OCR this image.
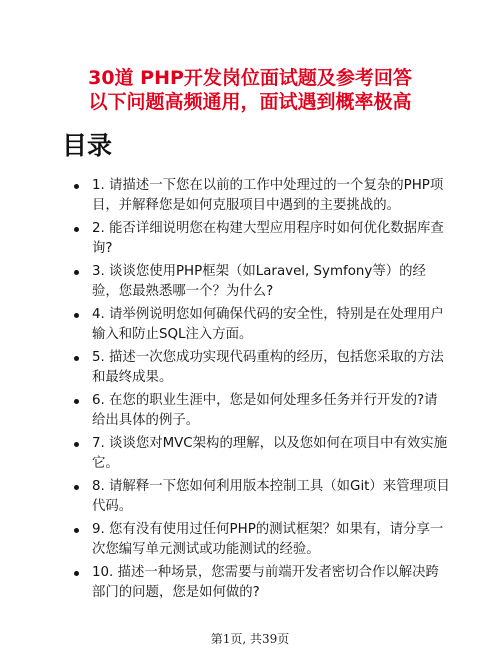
30道 PHP开发岗位面试题及参考回答
以下问题高频通用，面试遇到概率极高
目录
1. 请描述一下您在以前的工作中处理过的一个复杂的PHP项目，并解释您是如何克服项目中遇到的主要挑战的。
2. 能否详细说明您在构建大型应用程序时如何优化数据库查询?
3. 谈谈您使用PHP框架（如Laravel, Symfony等）的经验，您最熟悉哪一个？为什么?
4. 请举例说明您如何确保代码的安全性，特别是在处理用户输入和防止SQL注入方面。
5. 描述一次您成功实现代码重构的经历，包括您采取的方法和最终成果。
6. 在您的职业生涯中，您是如何处理多任务并行开发的?请给出具体的例子。
7. 谈谈您对MVC架构的理解，以及您如何在项目中有效实施它。
8. 请解释一下您如何利用版本控制工具（如Git）来管理项目代码。
9. 您有没有使用过任何PHP的测试框架？如果有，请分享一次您编写单元测试或功能测试的经验。
10. 描述一种场景，您需要与前端开发者密切合作以解决跨部门的问题，您是如何做的?
第1页, 共39页
